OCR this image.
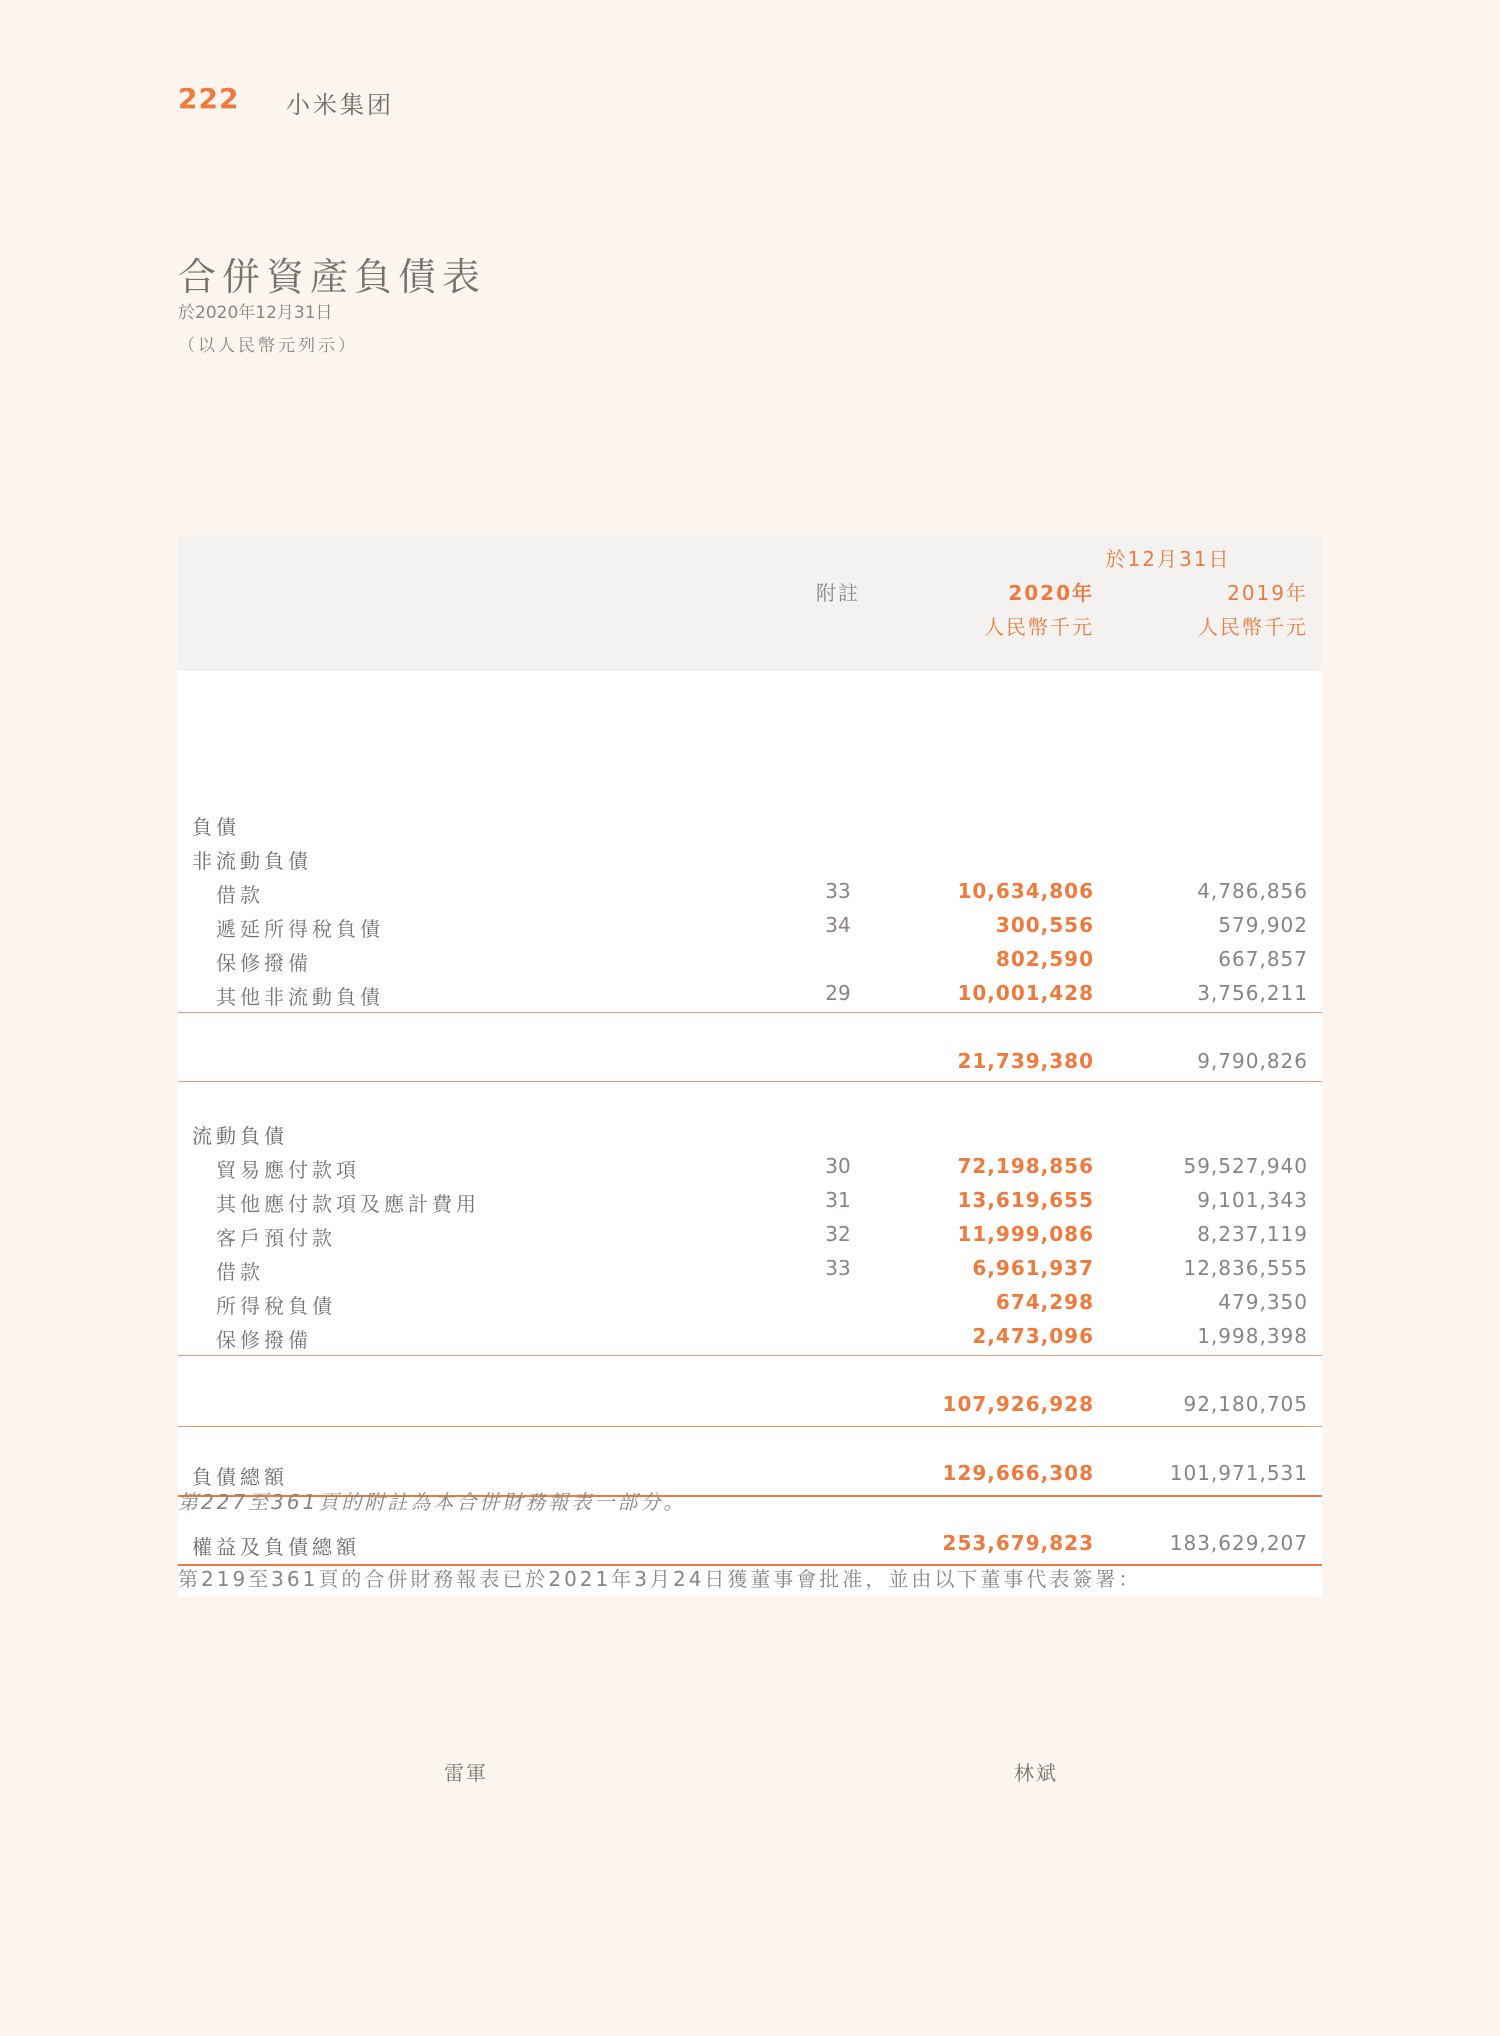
222 小米集团
合併資產負債表
於2020年12月31日
（以人民幣元列示）
於12月31日
附註	2020年	2019年
人民幣千元	人民幣千元
負債
非流動負債
借款	33	10,634,806	4,786,856
遞延所得稅負債	34	300,556	579,902
保修撥備	802,590	667,857
其他非流動負債	29	10,001,428	3,756,211
21,739,380	9,790,826
流動負債
貿易應付款項	30	72,198,856	59,527,940
其他應付款項及應計費用	31	13,619,655	9,101,343
客戶預付款	32	11,999,086	8,237,119
借款	33	6,961,937	12,836,555
所得稅負債	674,298	479,350
保修撥備	2,473,096	1,998,398
107,926,928	92,180,705
負債總額	129,666,308	101,971,531
權益及負債總額	253,679,823	183,629,207
第227至361頁的附註為本合併財務報表一部分。
第219至361頁的合併財務報表已於2021年3月24日獲董事會批准，並由以下董事代表簽署：
雷軍	林斌
